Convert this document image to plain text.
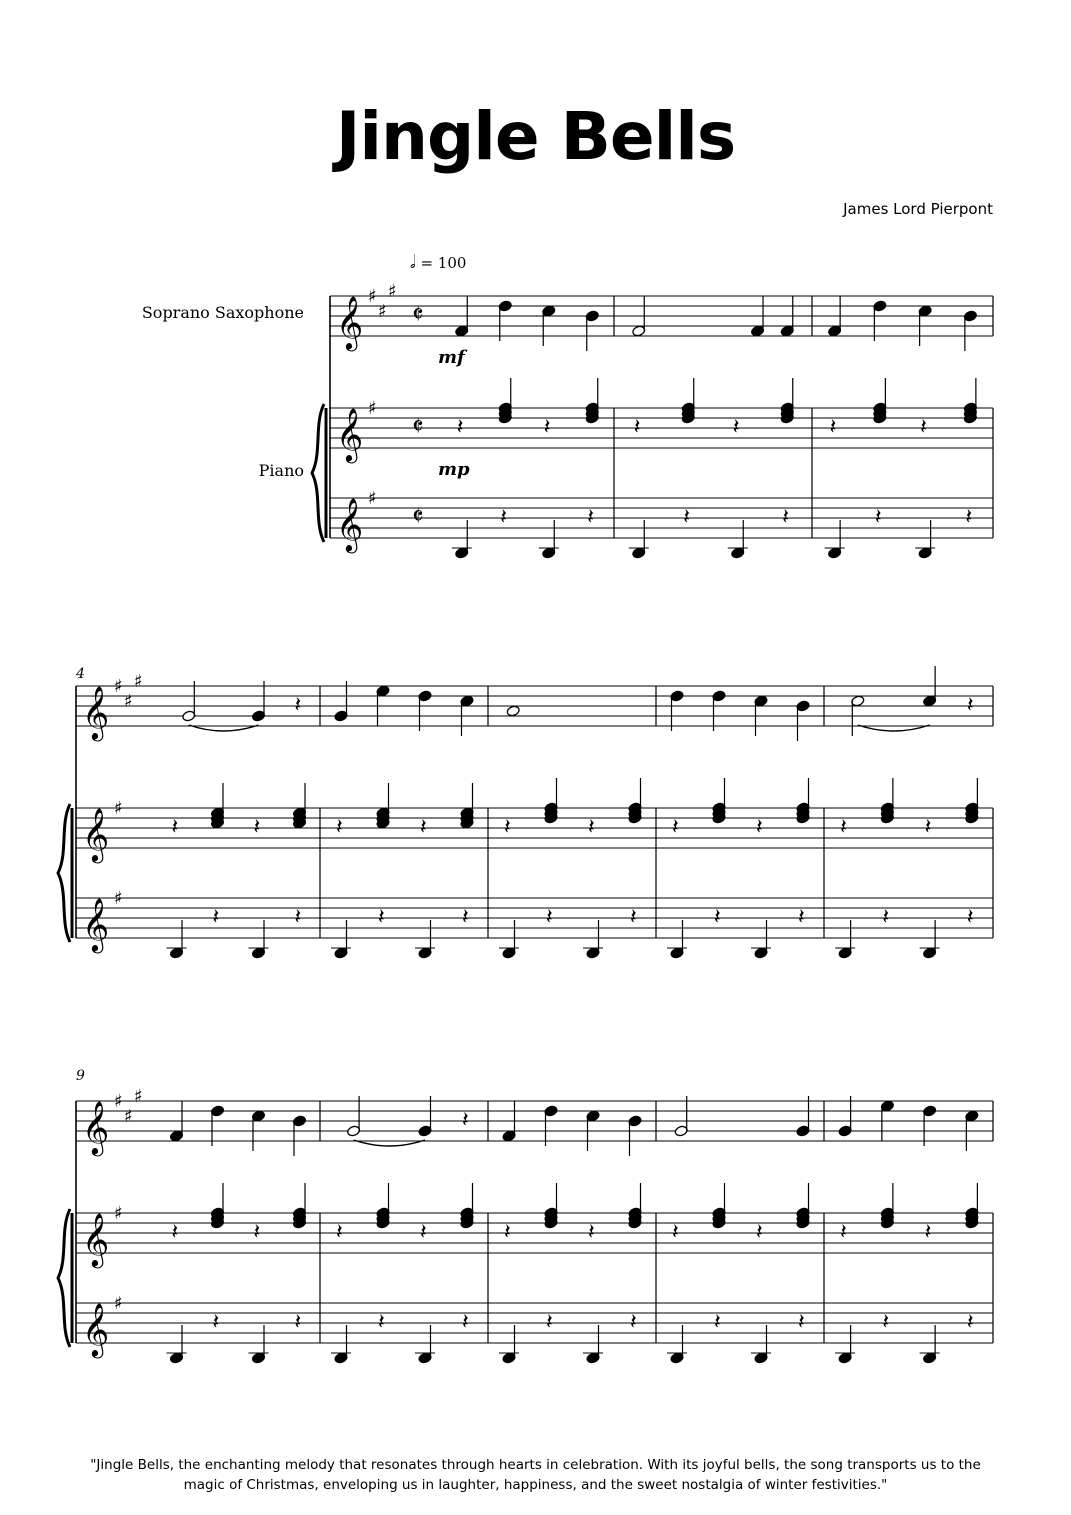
Jingle Bells
James Lord Pierpont
𝅗𝅥 = 100
Soprano Saxophone
Piano
4
9
𝄞
𝄞
𝄞
♯
♯
♯
♯
♯
𝄵
𝄵
𝄵
𝄽	𝄽
𝄽	𝄽
𝄽	𝄽
𝄽	𝄽
𝄽	𝄽
𝄽	𝄽
𝄞
𝄞
𝄞
♯
♯
♯
♯
♯
𝄽	𝄽
𝄽	𝄽
𝄽
𝄽	𝄽
𝄽	𝄽
𝄽	𝄽
𝄽	𝄽
𝄽	𝄽
𝄽	𝄽
𝄽	𝄽
𝄽	𝄽
𝄽
𝄞
𝄞
𝄞
♯
♯
♯
♯
♯
𝄽	𝄽
𝄽	𝄽
𝄽	𝄽
𝄽	𝄽
𝄽
𝄽	𝄽
𝄽	𝄽
𝄽	𝄽
𝄽	𝄽
𝄽	𝄽
𝄽	𝄽
mf
mp
"Jingle Bells, the enchanting melody that resonates through hearts in celebration. With its joyful bells, the song transports us to the magic of Christmas, enveloping us in laughter, happiness, and the sweet nostalgia of winter festivities."
